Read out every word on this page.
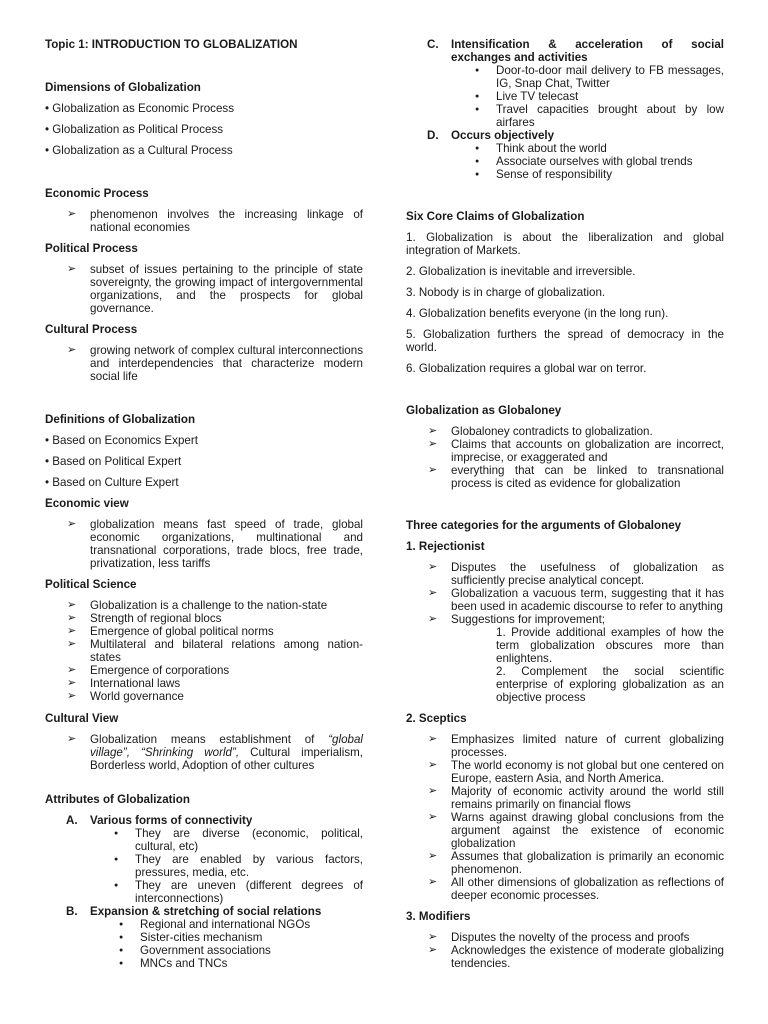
Topic 1: INTRODUCTION TO GLOBALIZATION

Dimensions of Globalization

• Globalization as Economic Process

• Globalization as Political Process

• Globalization as a Cultural Process

Economic Process

➢ phenomenon involves the increasing linkage of national economies

Political Process

➢ subset of issues pertaining to the principle of state sovereignty, the growing impact of intergovernmental organizations, and the prospects for global governance.

Cultural Process

➢ growing network of complex cultural interconnections and interdependencies that characterize modern social life

Definitions of Globalization

• Based on Economics Expert

• Based on Political Expert

• Based on Culture Expert

Economic view

➢ globalization means fast speed of trade, global economic organizations, multinational and transnational corporations, trade blocs, free trade, privatization, less tariffs

Political Science

➢ Globalization is a challenge to the nation-state
➢ Strength of regional blocs
➢ Emergence of global political norms
➢ Multilateral and bilateral relations among nation-states
➢ Emergence of corporations
➢ International laws
➢ World governance

Cultural View

➢ Globalization means establishment of “global village”, “Shrinking world”, Cultural imperialism, Borderless world, Adoption of other cultures

Attributes of Globalization

A. Various forms of connectivity
● They are diverse (economic, political, cultural, etc)
● They are enabled by various factors, pressures, media, etc.
● They are uneven (different degrees of interconnections)
B. Expansion & stretching of social relations
● Regional and international NGOs
● Sister-cities mechanism
● Government associations
● MNCs and TNCs
C. Intensification & acceleration of social exchanges and activities
● Door-to-door mail delivery to FB messages, IG, Snap Chat, Twitter
● Live TV telecast
● Travel capacities brought about by low airfares
D. Occurs objectively
● Think about the world
● Associate ourselves with global trends
● Sense of responsibility

Six Core Claims of Globalization

1. Globalization is about the liberalization and global integration of Markets.

2. Globalization is inevitable and irreversible.

3. Nobody is in charge of globalization.

4. Globalization benefits everyone (in the long run).

5. Globalization furthers the spread of democracy in the world.

6. Globalization requires a global war on terror.

Globalization as Globaloney

➢ Globaloney contradicts to globalization.
➢ Claims that accounts on globalization are incorrect, imprecise, or exaggerated and
➢ everything that can be linked to transnational process is cited as evidence for globalization

Three categories for the arguments of Globaloney

1. Rejectionist

➢ Disputes the usefulness of globalization as sufficiently precise analytical concept.
➢ Globalization a vacuous term, suggesting that it has been used in academic discourse to refer to anything
➢ Suggestions for improvement;

1. Provide additional examples of how the term globalization obscures more than enlightens.

2. Complement the social scientific enterprise of exploring globalization as an objective process

2. Sceptics

➢ Emphasizes limited nature of current globalizing processes.
➢ The world economy is not global but one centered on Europe, eastern Asia, and North America.
➢ Majority of economic activity around the world still remains primarily on financial flows
➢ Warns against drawing global conclusions from the argument against the existence of economic globalization
➢ Assumes that globalization is primarily an economic phenomenon.
➢ All other dimensions of globalization as reflections of deeper economic processes.

3. Modifiers

➢ Disputes the novelty of the process and proofs
➢ Acknowledges the existence of moderate globalizing tendencies.
